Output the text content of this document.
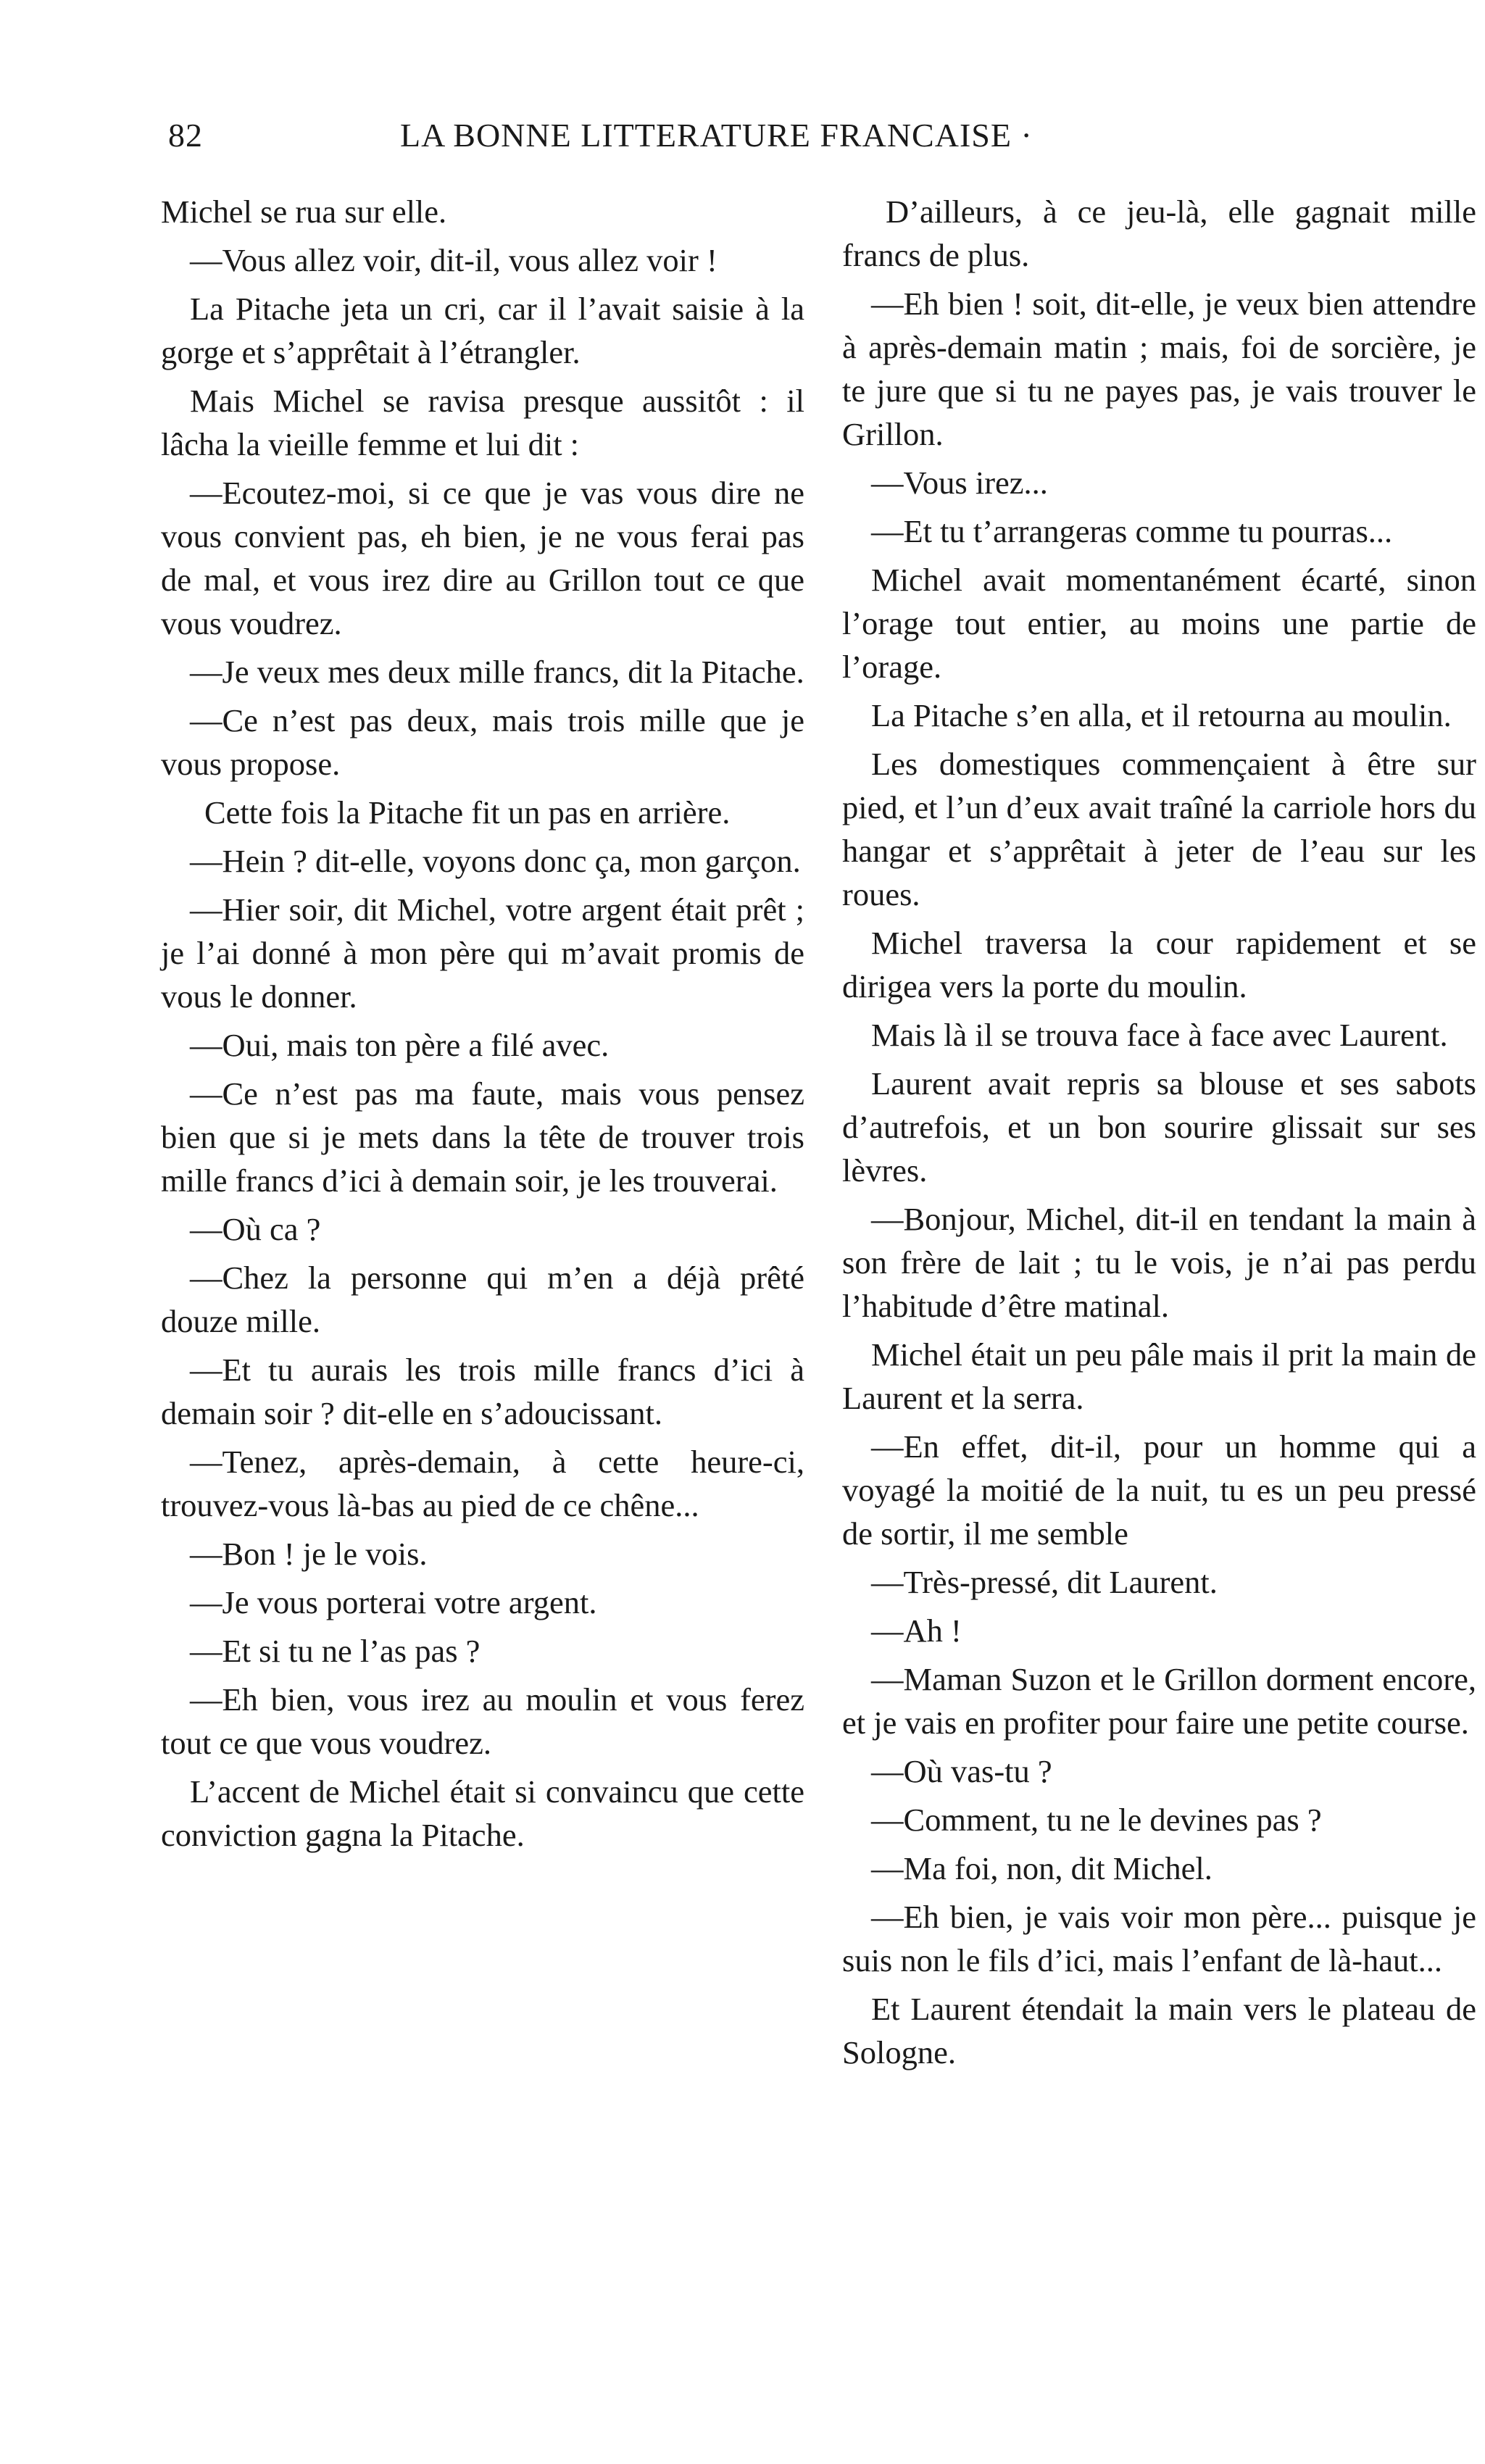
82	LA BONNE LITTERATURE FRANCAISE ·

Michel se rua sur elle.

—Vous allez voir, dit-il, vous allez voir !

La Pitache jeta un cri, car il l’avait saisie à la gorge et s’apprêtait à l’étrangler.

Mais Michel se ravisa presque aussitôt : il lâcha la vieille femme et lui dit :

—Ecoutez-moi, si ce que je vas vous dire ne vous convient pas, eh bien, je ne vous ferai pas de mal, et vous irez dire au Grillon tout ce que vous voudrez.

—Je veux mes deux mille francs, dit la Pitache.

—Ce n’est pas deux, mais trois mille que je vous propose.

Cette fois la Pitache fit un pas en arrière.

—Hein ? dit-elle, voyons donc ça, mon garçon.

—Hier soir, dit Michel, votre argent était prêt ; je l’ai donné à mon père qui m’avait promis de vous le donner.

—Oui, mais ton père a filé avec.

—Ce n’est pas ma faute, mais vous pensez bien que si je mets dans la tête de trouver trois mille francs d’ici à demain soir, je les trouverai.

—Où ca ?

—Chez la personne qui m’en a déjà prêté douze mille.

—Et tu aurais les trois mille francs d’ici à demain soir ? dit-elle en s’adoucissant.

—Tenez, après-demain, à cette heure-ci, trouvez-vous là-bas au pied de ce chêne...

—Bon ! je le vois.

—Je vous porterai votre argent.

—Et si tu ne l’as pas ?

—Eh bien, vous irez au moulin et vous ferez tout ce que vous voudrez.

L’accent de Michel était si convaincu que cette conviction gagna la Pitache.

D’ailleurs, à ce jeu-là, elle gagnait mille francs de plus.

—Eh bien ! soit, dit-elle, je veux bien attendre à après-demain matin ; mais, foi de sorcière, je te jure que si tu ne payes pas, je vais trouver le Grillon.

—Vous irez...

—Et tu t’arrangeras comme tu pourras...

Michel avait momentanément écarté, sinon l’orage tout entier, au moins une partie de l’orage.

La Pitache s’en alla, et il retourna au moulin.

Les domestiques commençaient à être sur pied, et l’un d’eux avait traîné la carriole hors du hangar et s’apprêtait à jeter de l’eau sur les roues.

Michel traversa la cour rapidement et se dirigea vers la porte du moulin.

Mais là il se trouva face à face avec Laurent.

Laurent avait repris sa blouse et ses sabots d’autrefois, et un bon sourire glissait sur ses lèvres.

—Bonjour, Michel, dit-il en tendant la main à son frère de lait ; tu le vois, je n’ai pas perdu l’habitude d’être matinal.

Michel était un peu pâle mais il prit la main de Laurent et la serra.

—En effet, dit-il, pour un homme qui a voyagé la moitié de la nuit, tu es un peu pressé de sortir, il me semble

—Très-pressé, dit Laurent.

—Ah !

—Maman Suzon et le Grillon dorment encore, et je vais en profiter pour faire une petite course.

—Où vas-tu ?

—Comment, tu ne le devines pas ?

—Ma foi, non, dit Michel.

—Eh bien, je vais voir mon père... puisque je suis non le fils d’ici, mais l’enfant de là-haut...

Et Laurent étendait la main vers le plateau de Sologne.
